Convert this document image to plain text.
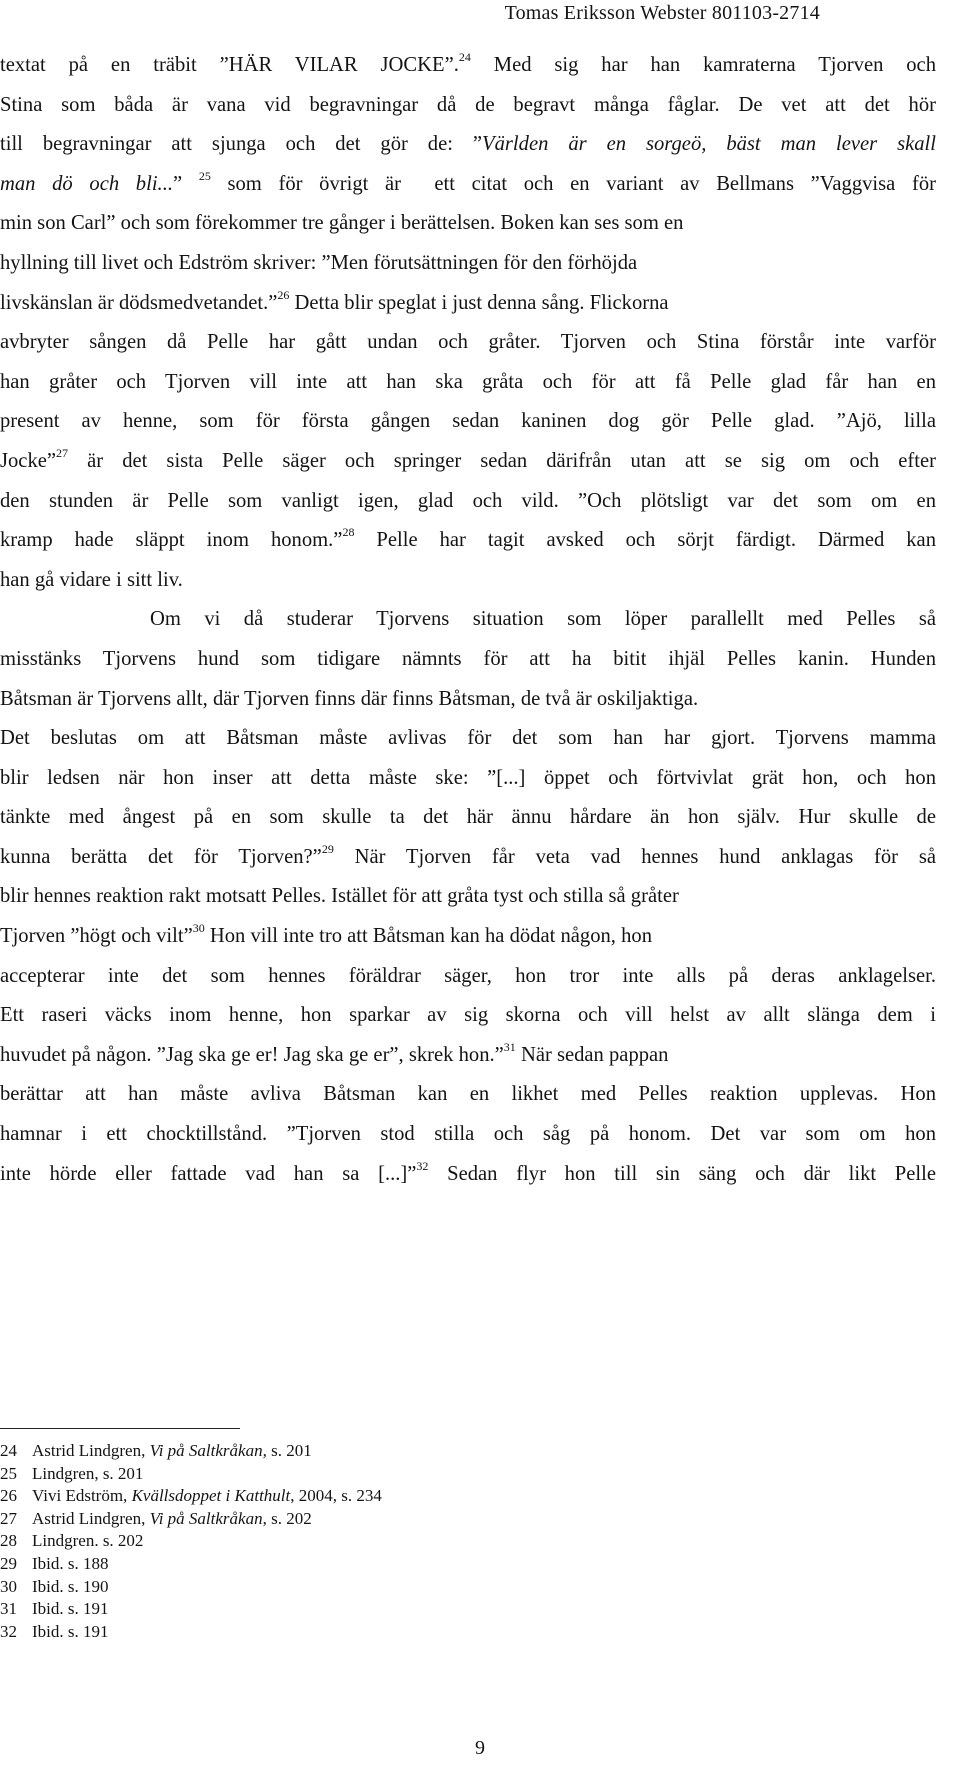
Tomas Eriksson Webster 801103-2714
textat på en träbit ”HÄR VILAR JOCKE”.$^{24}$ Med sig har han kamraterna Tjorven och
Stina som båda är vana vid begravningar då de begravt många fåglar. De vet att det hör
till begravningar att sjunga och det gör de: ”Världen är en sorgeö, bäst man lever skall
man dö och bli...” $^{25}$ som för övrigt är  ett citat och en variant av Bellmans ”Vaggvisa för
min son Carl” och som förekommer tre gånger i berättelsen. Boken kan ses som en
hyllning till livet och Edström skriver: ”Men förutsättningen för den förhöjda
livskänslan är dödsmedvetandet.”$^{26}$ Detta blir speglat i just denna sång. Flickorna
avbryter sången då Pelle har gått undan och gråter. Tjorven och Stina förstår inte varför
han gråter och Tjorven vill inte att han ska gråta och för att få Pelle glad får han en
present av henne, som för första gången sedan kaninen dog gör Pelle glad. ”Ajö, lilla
Jocke”$^{27}$ är det sista Pelle säger och springer sedan därifrån utan att se sig om och efter
den stunden är Pelle som vanligt igen, glad och vild. ”Och plötsligt var det som om en
kramp hade släppt inom honom.”$^{28}$ Pelle har tagit avsked och sörjt färdigt. Därmed kan
han gå vidare i sitt liv.
Om vi då studerar Tjorvens situation som löper parallellt med Pelles så
misstänks Tjorvens hund som tidigare nämnts för att ha bitit ihjäl Pelles kanin. Hunden
Båtsman är Tjorvens allt, där Tjorven finns där finns Båtsman, de två är oskiljaktiga.
Det beslutas om att Båtsman måste avlivas för det som han har gjort. Tjorvens mamma
blir ledsen när hon inser att detta måste ske: ”[...] öppet och förtvivlat grät hon, och hon
tänkte med ångest på en som skulle ta det här ännu hårdare än hon själv. Hur skulle de
kunna berätta det för Tjorven?”$^{29}$ När Tjorven får veta vad hennes hund anklagas för så
blir hennes reaktion rakt motsatt Pelles. Istället för att gråta tyst och stilla så gråter
Tjorven ”högt och vilt”$^{30}$ Hon vill inte tro att Båtsman kan ha dödat någon, hon
accepterar inte det som hennes föräldrar säger, hon tror inte alls på deras anklagelser.
Ett raseri väcks inom henne, hon sparkar av sig skorna och vill helst av allt slänga dem i
huvudet på någon. ”Jag ska ge er! Jag ska ge er”, skrek hon.”$^{31}$ När sedan pappan
berättar att han måste avliva Båtsman kan en likhet med Pelles reaktion upplevas. Hon
hamnar i ett chocktillstånd. ”Tjorven stod stilla och såg på honom. Det var som om hon
inte hörde eller fattade vad han sa [...]”$^{32}$ Sedan flyr hon till sin säng och där likt Pelle
24 Astrid Lindgren, Vi på Saltkråkan, s. 201
25 Lindgren, s. 201
26 Vivi Edström, Kvällsdoppet i Katthult, 2004, s. 234
27 Astrid Lindgren, Vi på Saltkråkan, s. 202
28 Lindgren. s. 202
29 Ibid. s. 188
30 Ibid. s. 190
31 Ibid. s. 191
32 Ibid. s. 191
9
